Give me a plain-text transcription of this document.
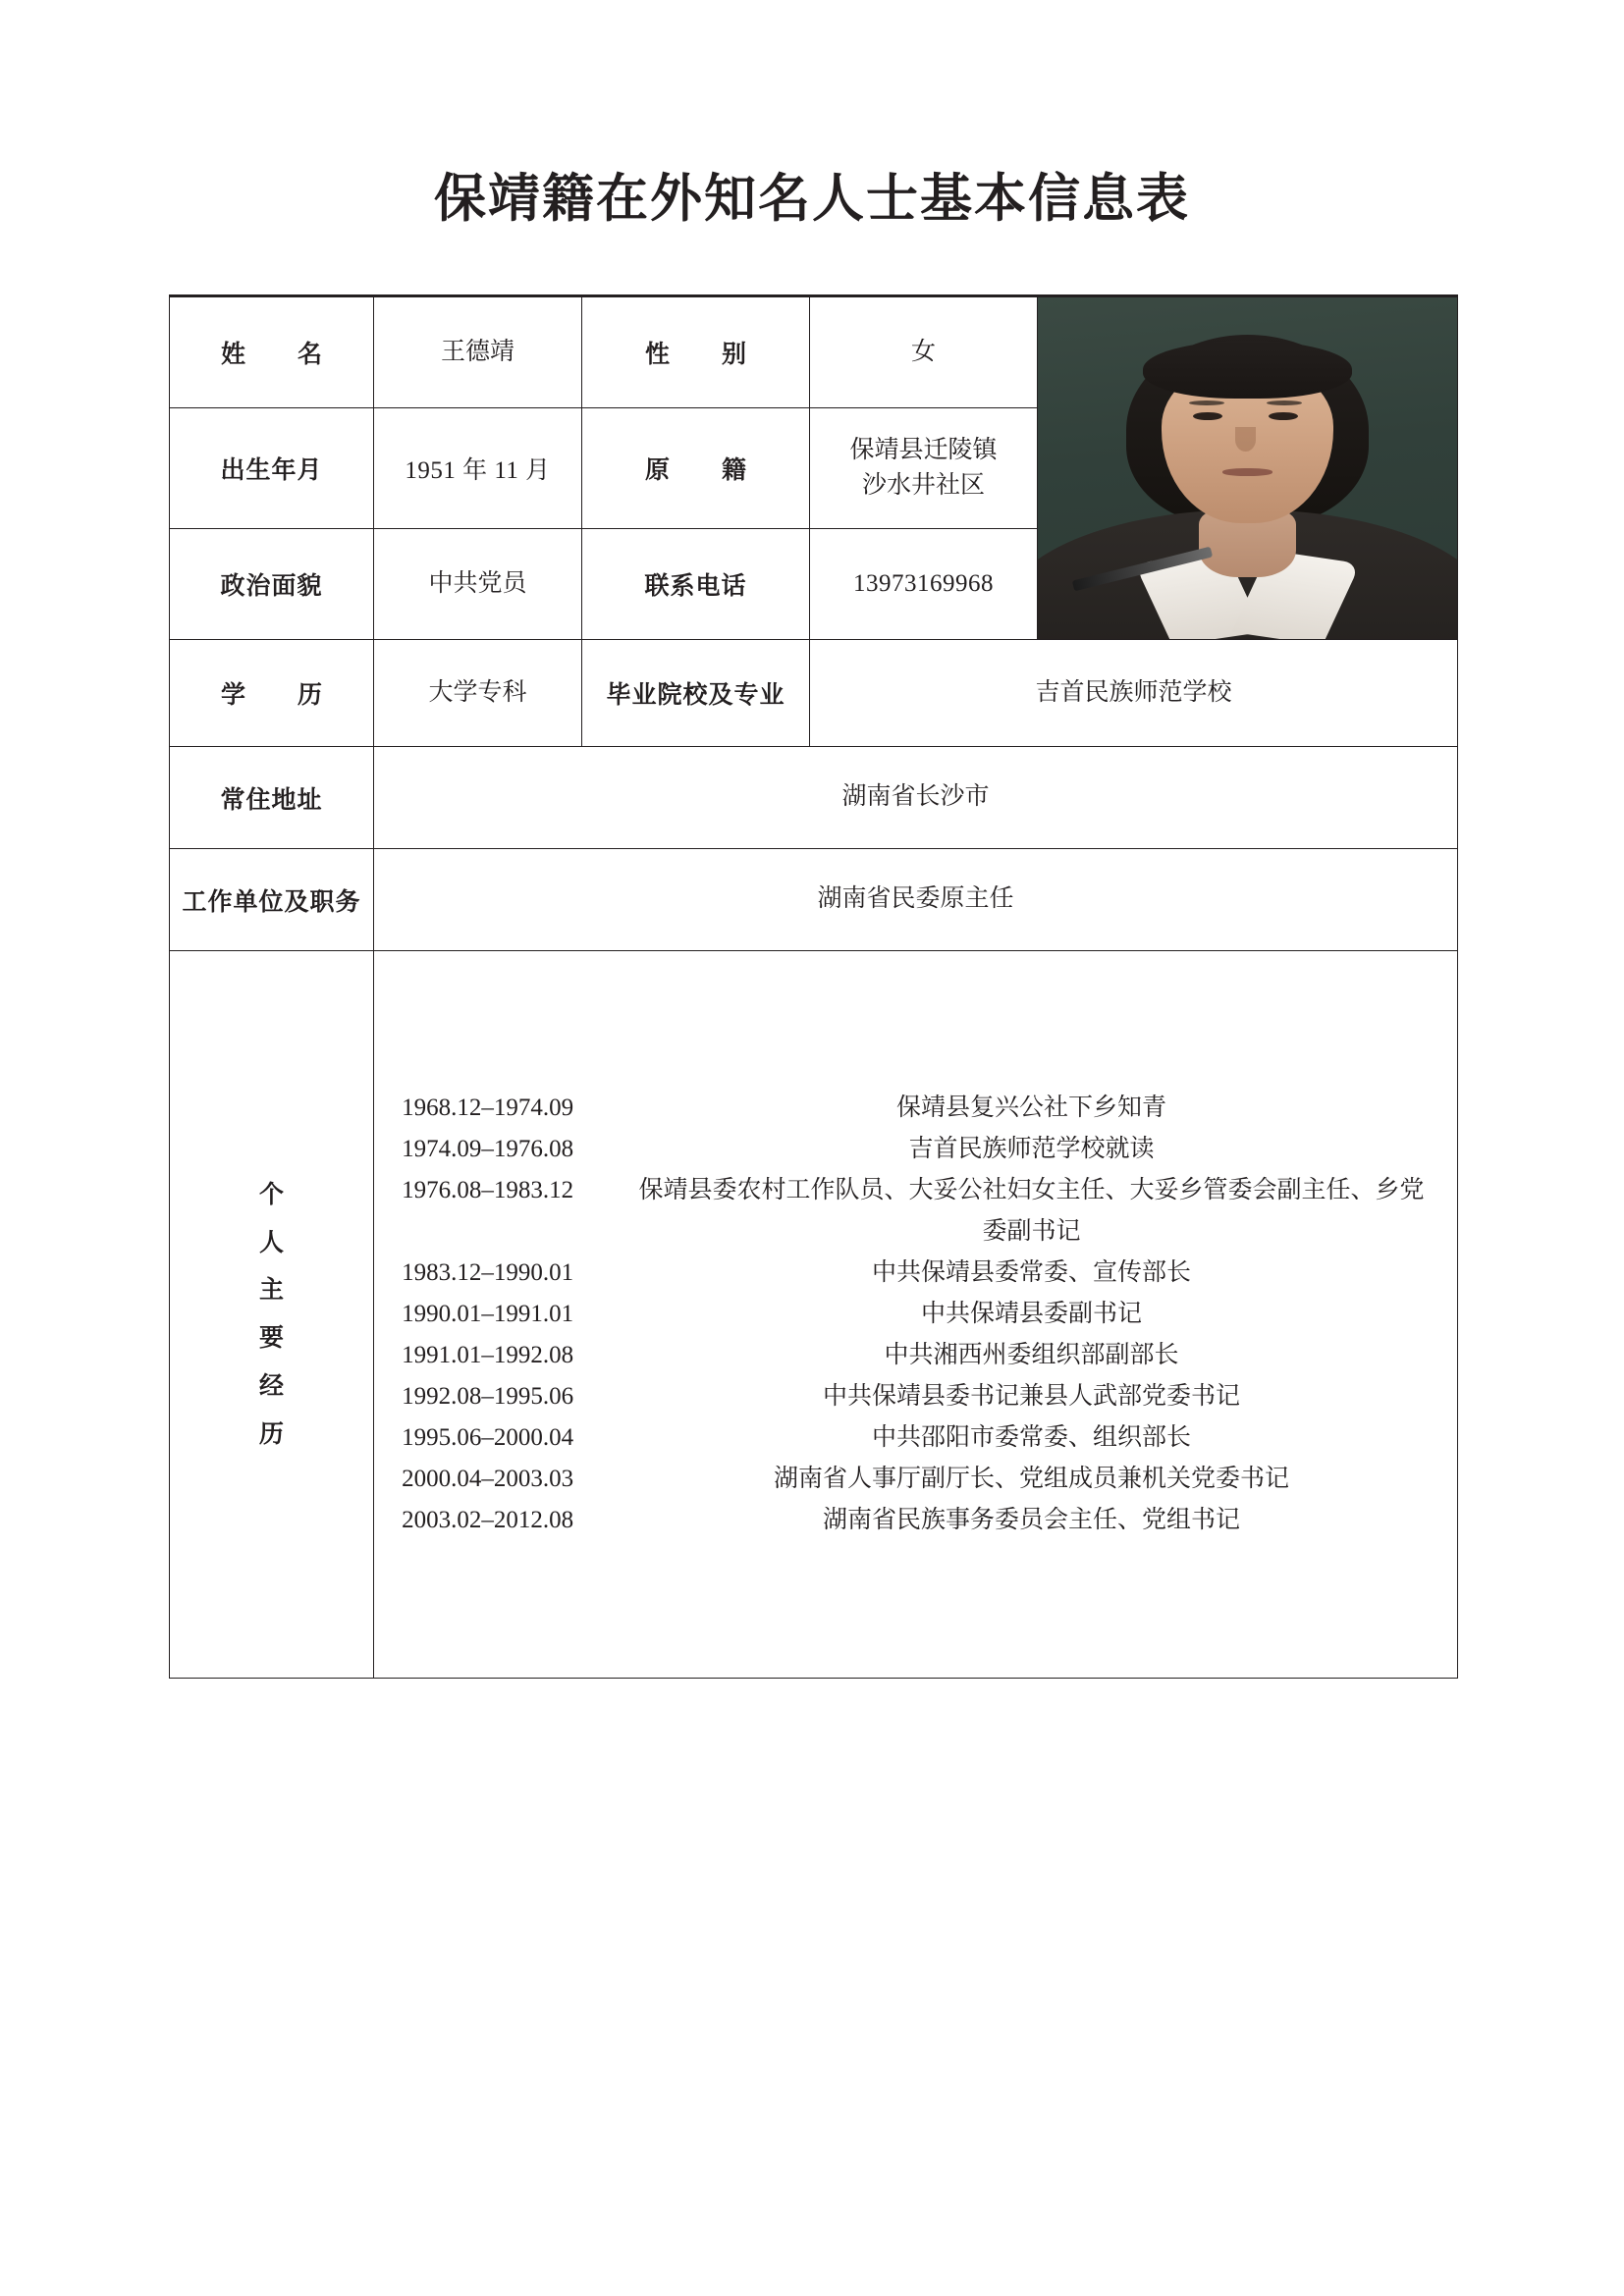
保靖籍在外知名人士基本信息表
姓　名	王德靖	性　别	女	

出生年月	1951 年 11 月	原　籍	保靖县迁陵镇
沙水井社区	

政治面貌	中共党员	联系电话	13973169968	
学　历	大学专科	毕业院校及专业	吉首民族师范学校	
常住地址	湖南省长沙市			
工作单位及职务	湖南省民委原主任			

个
人
主
要
经
历

1968.12–1974.09	保靖县复兴公社下乡知青
1974.09–1976.08	吉首民族师范学校就读
1976.08–1983.12	保靖县委农村工作队员、大妥公社妇女主任、大妥乡管委会副主任、乡党委副书记
1983.12–1990.01	中共保靖县委常委、宣传部长
1990.01–1991.01	中共保靖县委副书记
1991.01–1992.08	中共湘西州委组织部副部长
1992.08–1995.06	中共保靖县委书记兼县人武部党委书记
1995.06–2000.04	中共邵阳市委常委、组织部长
2000.04–2003.03	湖南省人事厅副厅长、党组成员兼机关党委书记
2003.02–2012.08	湖南省民族事务委员会主任、党组书记
